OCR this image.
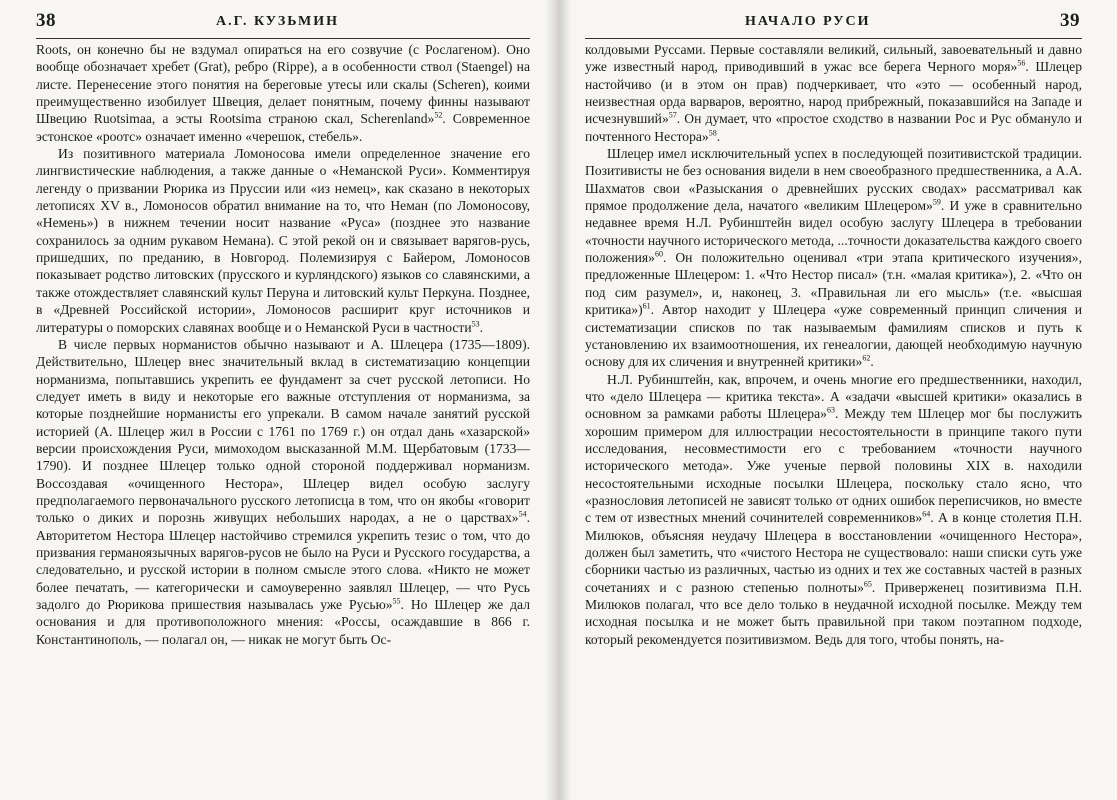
38	А.Г. КУЗЬМИН

Roots, он конечно бы не вздумал опираться на его созвучие (с Рослагеном). Оно вообще обозначает хребет (Grat), ребро (Rippe), а в особенности ствол (Staengel) на листе. Перенесение этого понятия на береговые утесы или скалы (Scheren), коими преимущественно изобилует Швеция, делает понятным, почему финны называют Швецию Ruotsimaa, а эсты Rootsima страною скал, Scherenland»$^{52}$. Современное эстонское «роотс» означает именно «черешок, стебель».

Из позитивного материала Ломоносова имели определенное значение его лингвистические наблюдения, а также данные о «Неманской Руси». Комментируя легенду о призвании Рюрика из Пруссии или «из немец», как сказано в некоторых летописях XV в., Ломоносов обратил внимание на то, что Неман (по Ломоносову, «Немень») в нижнем течении носит название «Руса» (позднее это название сохранилось за одним рукавом Немана). С этой рекой он и связывает варягов-русь, пришедших, по преданию, в Новгород. Полемизируя с Байером, Ломоносов показывает родство литовских (прусского и курляндского) языков со славянскими, а также отождествляет славянский культ Перуна и литовский культ Перкуна. Позднее, в «Древней Российской истории», Ломоносов расширит круг источников и литературы о поморских славянах вообще и о Неманской Руси в частности$^{53}$.

В числе первых норманистов обычно называют и А. Шлецера (1735—1809). Действительно, Шлецер внес значительный вклад в систематизацию концепции норманизма, попытавшись укрепить ее фундамент за счет русской летописи. Но следует иметь в виду и некоторые его важные отступления от норманизма, за которые позднейшие норманисты его упрекали. В самом начале занятий русской историей (А. Шлецер жил в России с 1761 по 1769 г.) он отдал дань «хазарской» версии происхождения Руси, мимоходом высказанной М.М. Щербатовым (1733—1790). И позднее Шлецер только одной стороной поддерживал норманизм. Воссоздавая «очищенного Нестора», Шлецер видел особую заслугу предполагаемого первоначального русского летописца в том, что он якобы «говорит только о диких и порознь живущих небольших народах, а не о царствах»$^{54}$. Авторитетом Нестора Шлецер настойчиво стремился укрепить тезис о том, что до призвания германоязычных варягов-русов не было на Руси и Русского государства, а следовательно, и русской истории в полном смысле этого слова. «Никто не может более печатать, — категорически и самоуверенно заявлял Шлецер, — что Русь задолго до Рюрикова пришествия называлась уже Русью»$^{55}$. Но Шлецер же дал основания и для противоположного мнения: «Россы, осаждавшие в 866 г. Константинополь, — полагал он, — никак не могут быть Ос-

НАЧАЛО РУСИ	39

колдовыми Руссами. Первые составляли великий, сильный, завоевательный и давно уже известный народ, приводивший в ужас все берега Черного моря»$^{56}$. Шлецер настойчиво (и в этом он прав) подчеркивает, что «это — особенный народ, неизвестная орда варваров, вероятно, народ прибрежный, показавшийся на Западе и исчезнувший»$^{57}$. Он думает, что «простое сходство в названии Рос и Рус обмануло и почтенного Нестора»$^{58}$.

Шлецер имел исключительный успех в последующей позитивистской традиции. Позитивисты не без основания видели в нем своеобразного предшественника, а А.А. Шахматов свои «Разыскания о древнейших русских сводах» рассматривал как прямое продолжение дела, начатого «великим Шлецером»$^{59}$. И уже в сравнительно недавнее время Н.Л. Рубинштейн видел особую заслугу Шлецера в требовании «точности научного исторического метода, ...точности доказательства каждого своего положения»$^{60}$. Он положительно оценивал «три этапа критического изучения», предложенные Шлецером: 1. «Что Нестор писал» (т.н. «малая критика»), 2. «Что он под сим разумел», и, наконец, 3. «Правильная ли его мысль» (т.е. «высшая критика»)$^{61}$. Автор находит у Шлецера «уже современный принцип сличения и систематизации списков по так называемым фамилиям списков и путь к установлению их взаимоотношения, их генеалогии, дающей необходимую научную основу для их сличения и внутренней критики»$^{62}$.

Н.Л. Рубинштейн, как, впрочем, и очень многие его предшественники, находил, что «дело Шлецера — критика текста». А «задачи «высшей критики» оказались в основном за рамками работы Шлецера»$^{63}$. Между тем Шлецер мог бы послужить хорошим примером для иллюстрации несостоятельности в принципе такого пути исследования, несовместимости его с требованием «точности научного исторического метода». Уже ученые первой половины XIX в. находили несостоятельными исходные посылки Шлецера, поскольку стало ясно, что «разнословия летописей не зависят только от одних ошибок переписчиков, но вместе с тем от известных мнений сочинителей современников»$^{64}$. А в конце столетия П.Н. Милюков, объясняя неудачу Шлецера в восстановлении «очищенного Нестора», должен был заметить, что «чистого Нестора не существовало: наши списки суть уже сборники частью из различных, частью из одних и тех же составных частей в разных сочетаниях и с разною степенью полноты»$^{65}$. Приверженец позитивизма П.Н. Милюков полагал, что все дело только в неудачной исходной посылке. Между тем исходная посылка и не может быть правильной при таком поэтапном подходе, который рекомендуется позитивизмом. Ведь для того, чтобы понять, на-
